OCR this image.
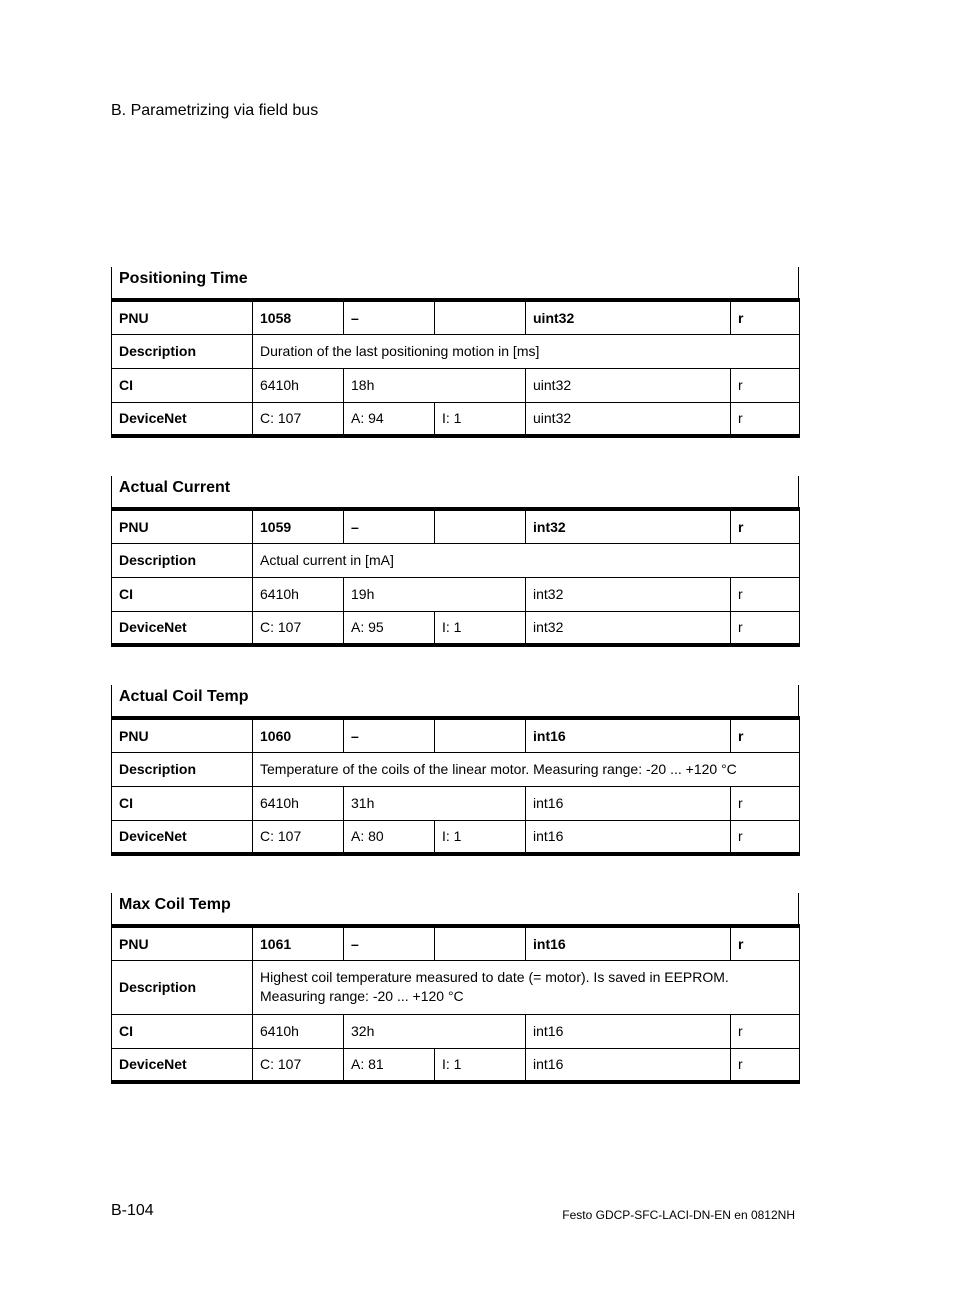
B. Parametrizing via field bus
Positioning Time
PNU	1058	–		uint32	r
Description	Duration of the last positioning motion in [ms]				
CI	6410h	18h		uint32	r
DeviceNet	C: 107	A: 94	I: 1	uint32	r
Actual Current
PNU	1059	–		int32	r
Description	Actual current in [mA]				
CI	6410h	19h		int32	r
DeviceNet	C: 107	A: 95	I: 1	int32	r
Actual Coil Temp
PNU	1060	–		int16	r
Description	Temperature of the coils of the linear motor. Measuring range: -20 ... +120 °C				
CI	6410h	31h		int16	r
DeviceNet	C: 107	A: 80	I: 1	int16	r
Max Coil Temp
PNU	1061	–		int16	r
Description	Highest coil temperature measured to date (= motor). Is saved in EEPROM.
Measuring range: -20 ... +120 °C				
CI	6410h	32h		int16	r
DeviceNet	C: 107	A: 81	I: 1	int16	r
B-104	Festo GDCP-SFC-LACI-DN-EN en 0812NH
